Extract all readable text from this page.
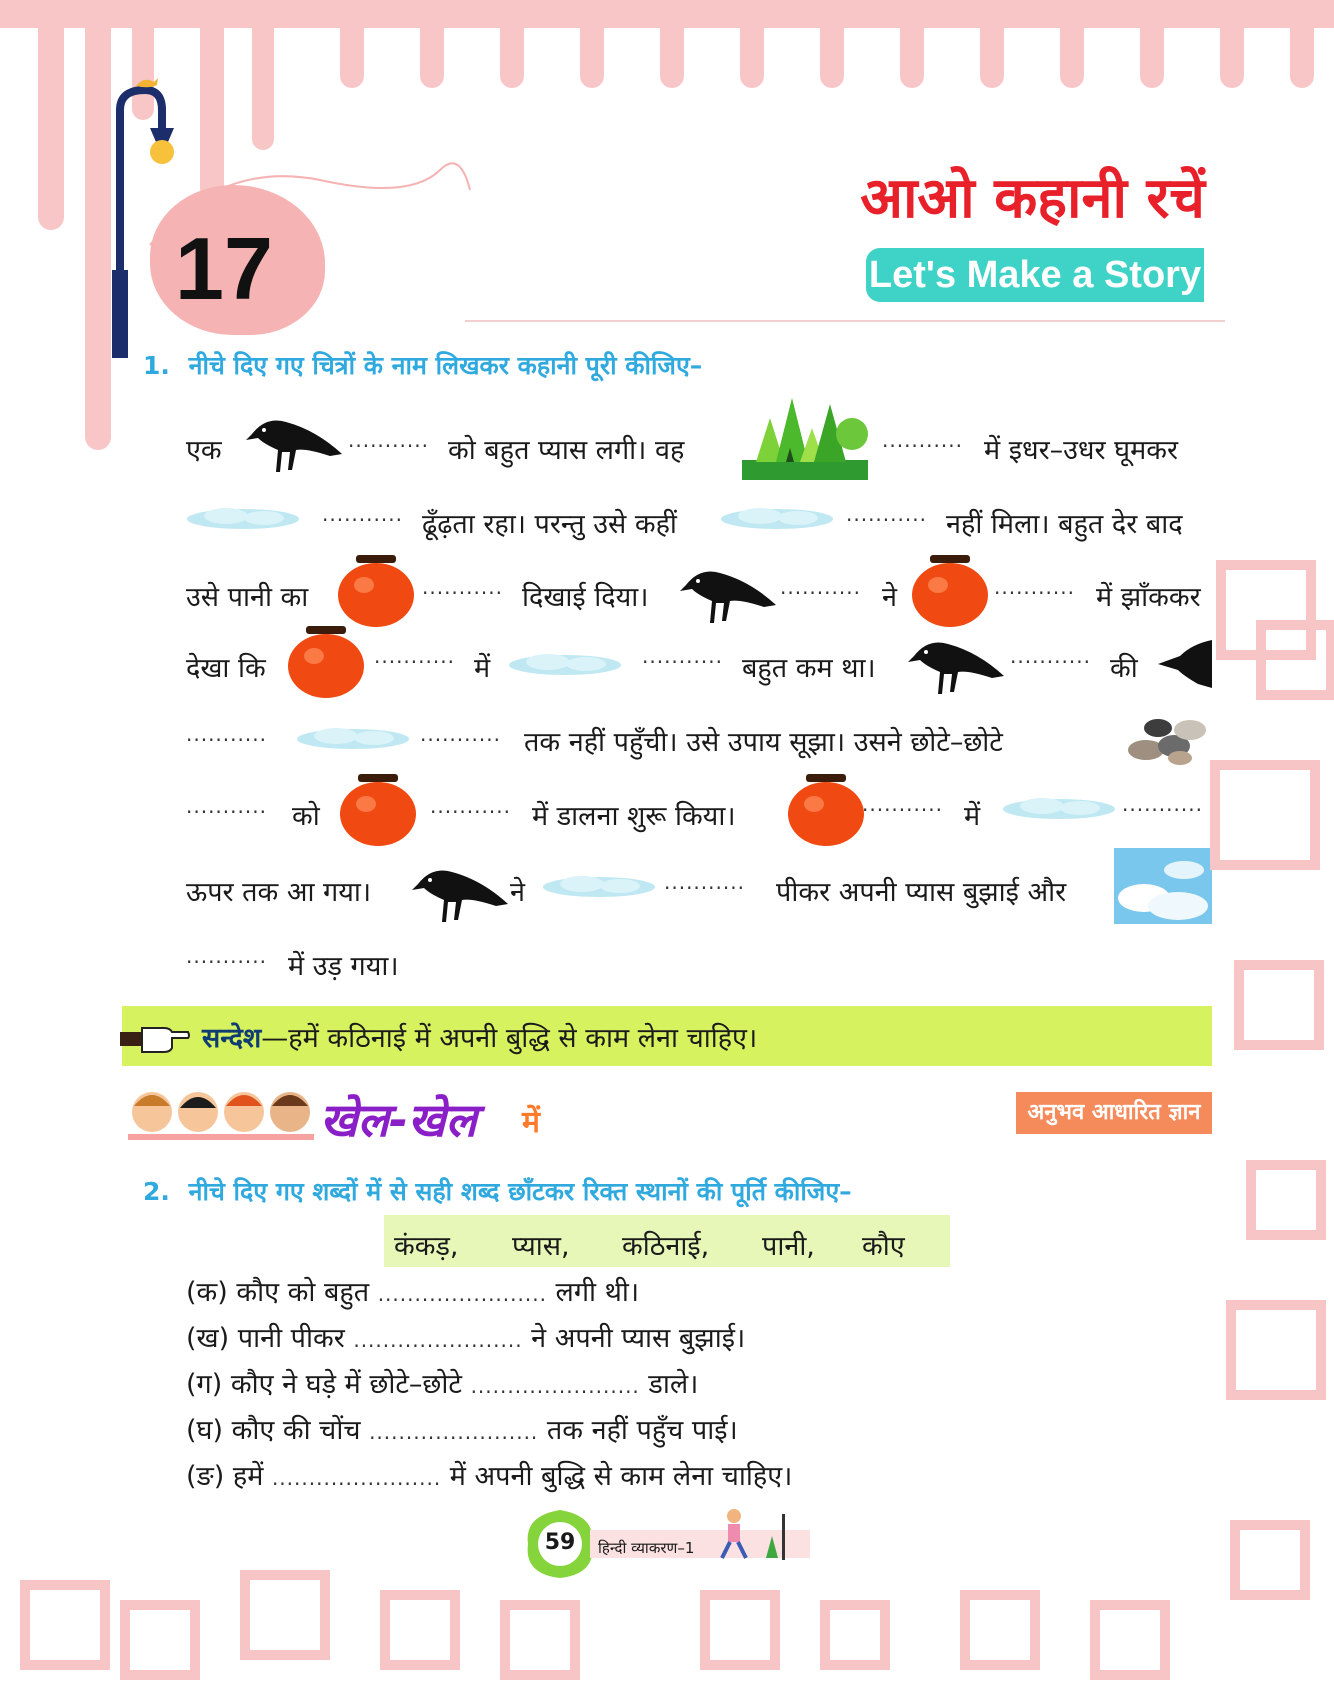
17
आओ कहानी रचें
Let's Make a Story
1. नीचे दिए गए चित्रों के नाम लिखकर कहानी पूरी कीजिए–
एक	........... को बहुत प्यास लगी। वह	........... में इधर–उधर घूमकर
........... ढूँढ़ता रहा। परन्तु उसे कहीं	........... नहीं मिला। बहुत देर बाद
उसे पानी का	........... दिखाई दिया।	........... ने	........... में झाँककर
देखा कि	........... में	........... बहुत कम था।	........... की
...........	........... तक नहीं पहुँची। उसे उपाय सूझा। उसने छोटे–छोटे
........... को	........... में डालना शुरू किया।	........... में	...........
ऊपर तक आ गया।	ने	........... पीकर अपनी प्यास बुझाई और
........... में उड़ गया।
सन्देश—हमें कठिनाई में अपनी बुद्धि से काम लेना चाहिए।
खेल-खेल में	अनुभव आधारित ज्ञान
2. नीचे दिए गए शब्दों में से सही शब्द छाँटकर रिक्त स्थानों की पूर्ति कीजिए–
कंकड़, प्यास, कठिनाई, पानी, कौए
(क) कौए को बहुत ....................... लगी थी।
(ख) पानी पीकर ....................... ने अपनी प्यास बुझाई।
(ग) कौए ने घड़े में छोटे–छोटे ....................... डाले।
(घ) कौए की चोंच ....................... तक नहीं पहुँच पाई।
(ङ) हमें ....................... में अपनी बुद्धि से काम लेना चाहिए।
59	हिन्दी व्याकरण–1
